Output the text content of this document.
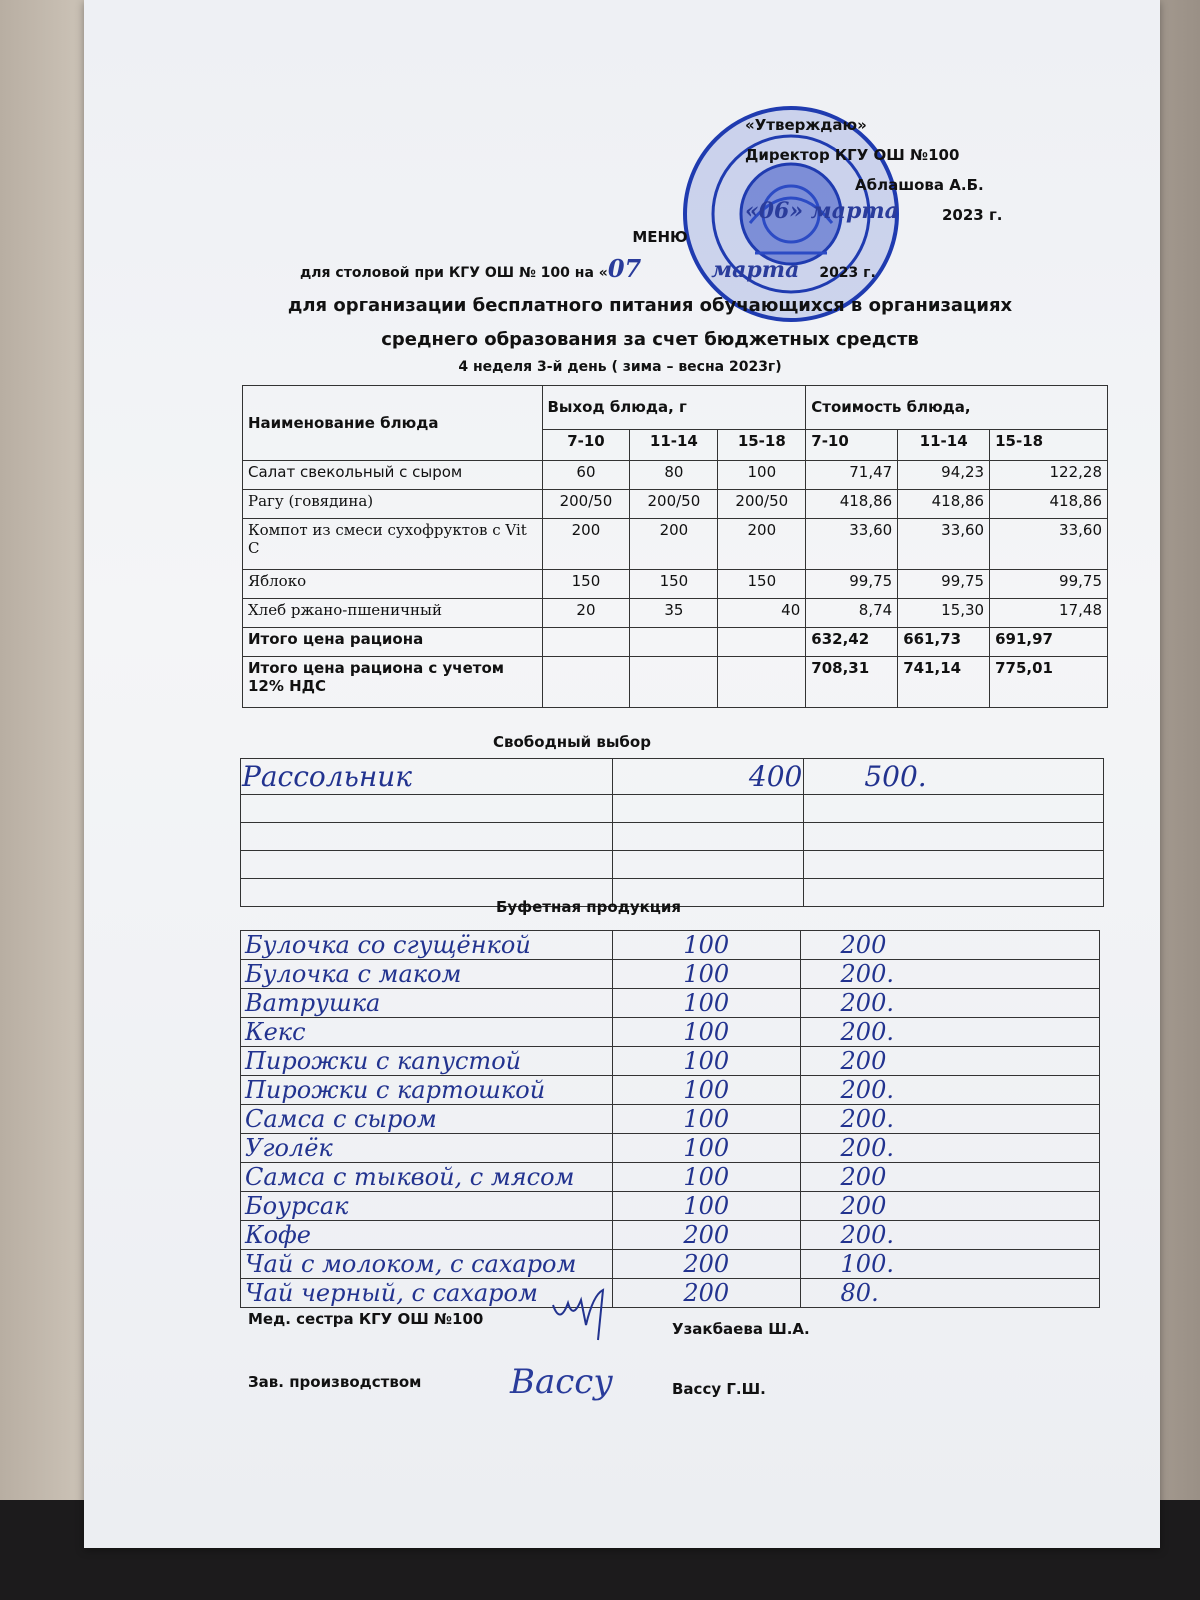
«Утверждаю»
Директор КГУ ОШ №100
Аблашова А.Б.
«06» марта	2023 г.
МЕНЮ
для столовой при КГУ ОШ № 100 на «07	марта 2023 г.
для организации бесплатного питания обучающихся в организациях
среднего образования за счет бюджетных средств
4 неделя 3-й день ( зима – весна 2023г)
Наименование блюда	Выход блюда, г			Стоимость блюда,		
	7-10	11-14	15-18	7-10	11-14	15-18
Салат свекольный с сыром	60	80	100	71,47	94,23	122,28
Рагу (говядина)	200/50	200/50	200/50	418,86	418,86	418,86
Компот из смеси сухофруктов с Vit C	200	200	200	33,60	33,60	33,60
Яблоко	150	150	150	99,75	99,75	99,75
Хлеб ржано-пшеничный	20	35	40	8,74	15,30	17,48
Итого цена рациона				632,42	661,73	691,97
Итого цена рациона с учетом 12% НДС				708,31	741,14	775,01
Свободный выбор
Рассольник	400	500.

Буфетная продукция
Булочка со сгущёнкой	100	200
Булочка с маком	100	200.
Ватрушка	100	200.
Кекс	100	200.
Пирожки с капустой	100	200
Пирожки с картошкой	100	200.
Самса с сыром	100	200.
Уголёк	100	200.
Самса с тыквой, с мясом	100	200
Боурсак	100	200
Кофе	200	200.
Чай с молоком, с сахаром	200	100.
Чай черный, с сахаром	200	80.
Мед. сестра КГУ ОШ №100
Узакбаева Ш.А.
Зав. производством	Вассу	Вассу Г.Ш.
